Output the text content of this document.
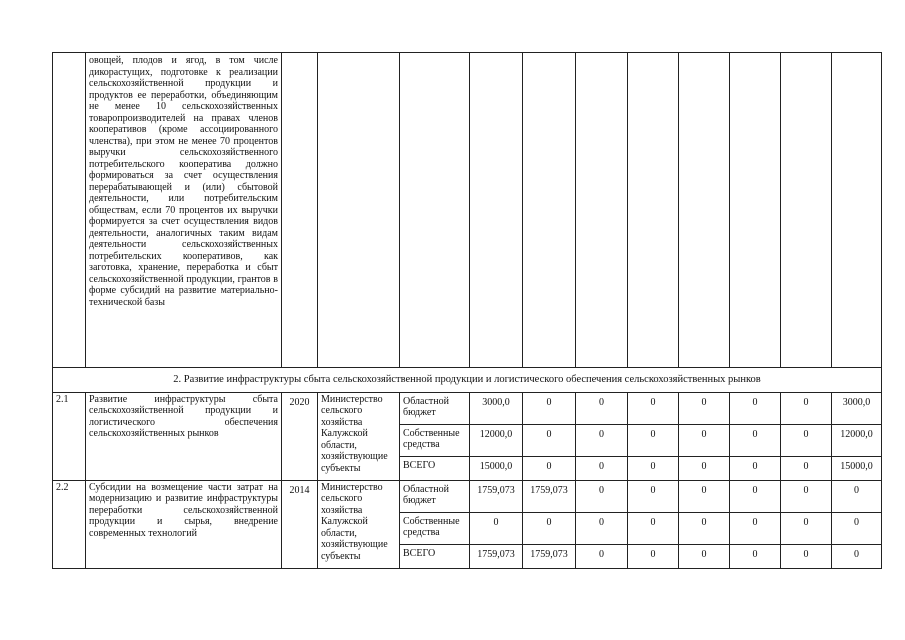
	овощей, плодов и ягод, в том числе дикорастущих, подготовке к реализации сельскохозяйственной продукции и продуктов ее переработки, объединяющим не менее 10 сельскохозяйственных товаропроизводителей на правах членов кооперативов (кроме ассоциированного членства), при этом не менее 70 процентов выручки сельскохозяйственного потребительского кооператива должно формироваться за счет осуществления перерабатывающей и (или) сбытовой деятельности, или потребительским обществам, если 70 процентов их выручки формируется за счет осуществления видов деятельности, аналогичных таким видам деятельности сельскохозяйственных потребительских кооперативов, как заготовка, хранение, переработка и сбыт сельскохозяйственной продукции, грантов в форме субсидий на развитие материально-технической базы											
2. Развитие инфраструктуры сбыта сельскохозяйственной продукции и логистического обеспечения сельскохозяйственных рынков												
2.1	Развитие инфраструктуры сбыта сельскохозяйственной продукции и логистического обеспечения сельскохозяйственных рынков	2020	Министерство сельского хозяйства Калужской области, хозяйствующие субъекты	Областной бюджет	3000,0	0	0	0	0	0	0	3000,0
				Собственные средства	12000,0	0	0	0	0	0	0	12000,0
				ВСЕГО	15000,0	0	0	0	0	0	0	15000,0
2.2	Субсидии на возмещение части затрат на модернизацию и развитие инфраструктуры переработки сельскохозяйственной продукции и сырья, внедрение современных технологий	2014	Министерство сельского хозяйства Калужской области, хозяйствующие субъекты	Областной бюджет	1759,073	1759,073	0	0	0	0	0	0
				Собственные средства	0	0	0	0	0	0	0	0
				ВСЕГО	1759,073	1759,073	0	0	0	0	0	0
